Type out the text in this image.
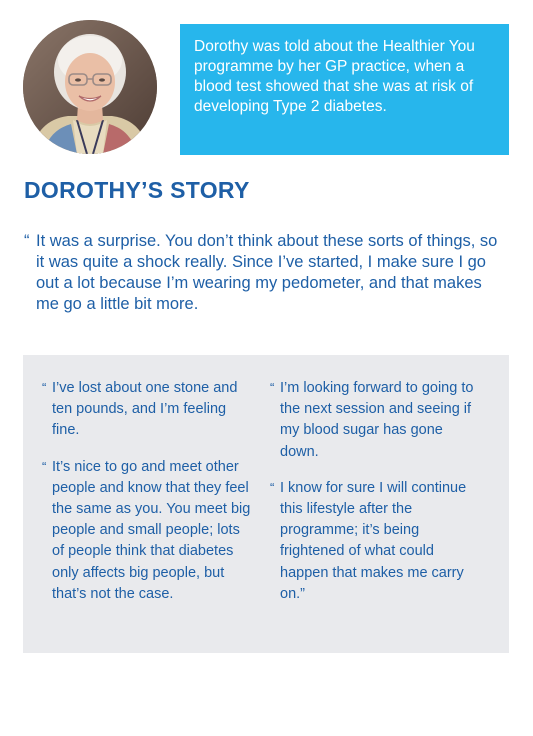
Dorothy was told about the Healthier You programme by her GP practice, when a blood test showed that she was at risk of developing Type 2 diabetes.

DOROTHY’S STORY
“ It was a surprise. You don’t think about these sorts of things, so it was quite a shock really. Since I’ve started, I make sure I go out a lot because I’m wearing my pedometer, and that makes me go a little bit more.

“ I’ve lost about one stone and ten pounds, and I’m feeling fine.

“ It’s nice to go and meet other people and know that they feel the same as you. You meet big people and small people; lots of people think that diabetes only affects big people, but that’s not the case.

“ I’m looking forward to going to the next session and seeing if my blood sugar has gone down.

“ I know for sure I will continue this lifestyle after the programme; it’s being frightened of what could happen that makes me carry on.”
